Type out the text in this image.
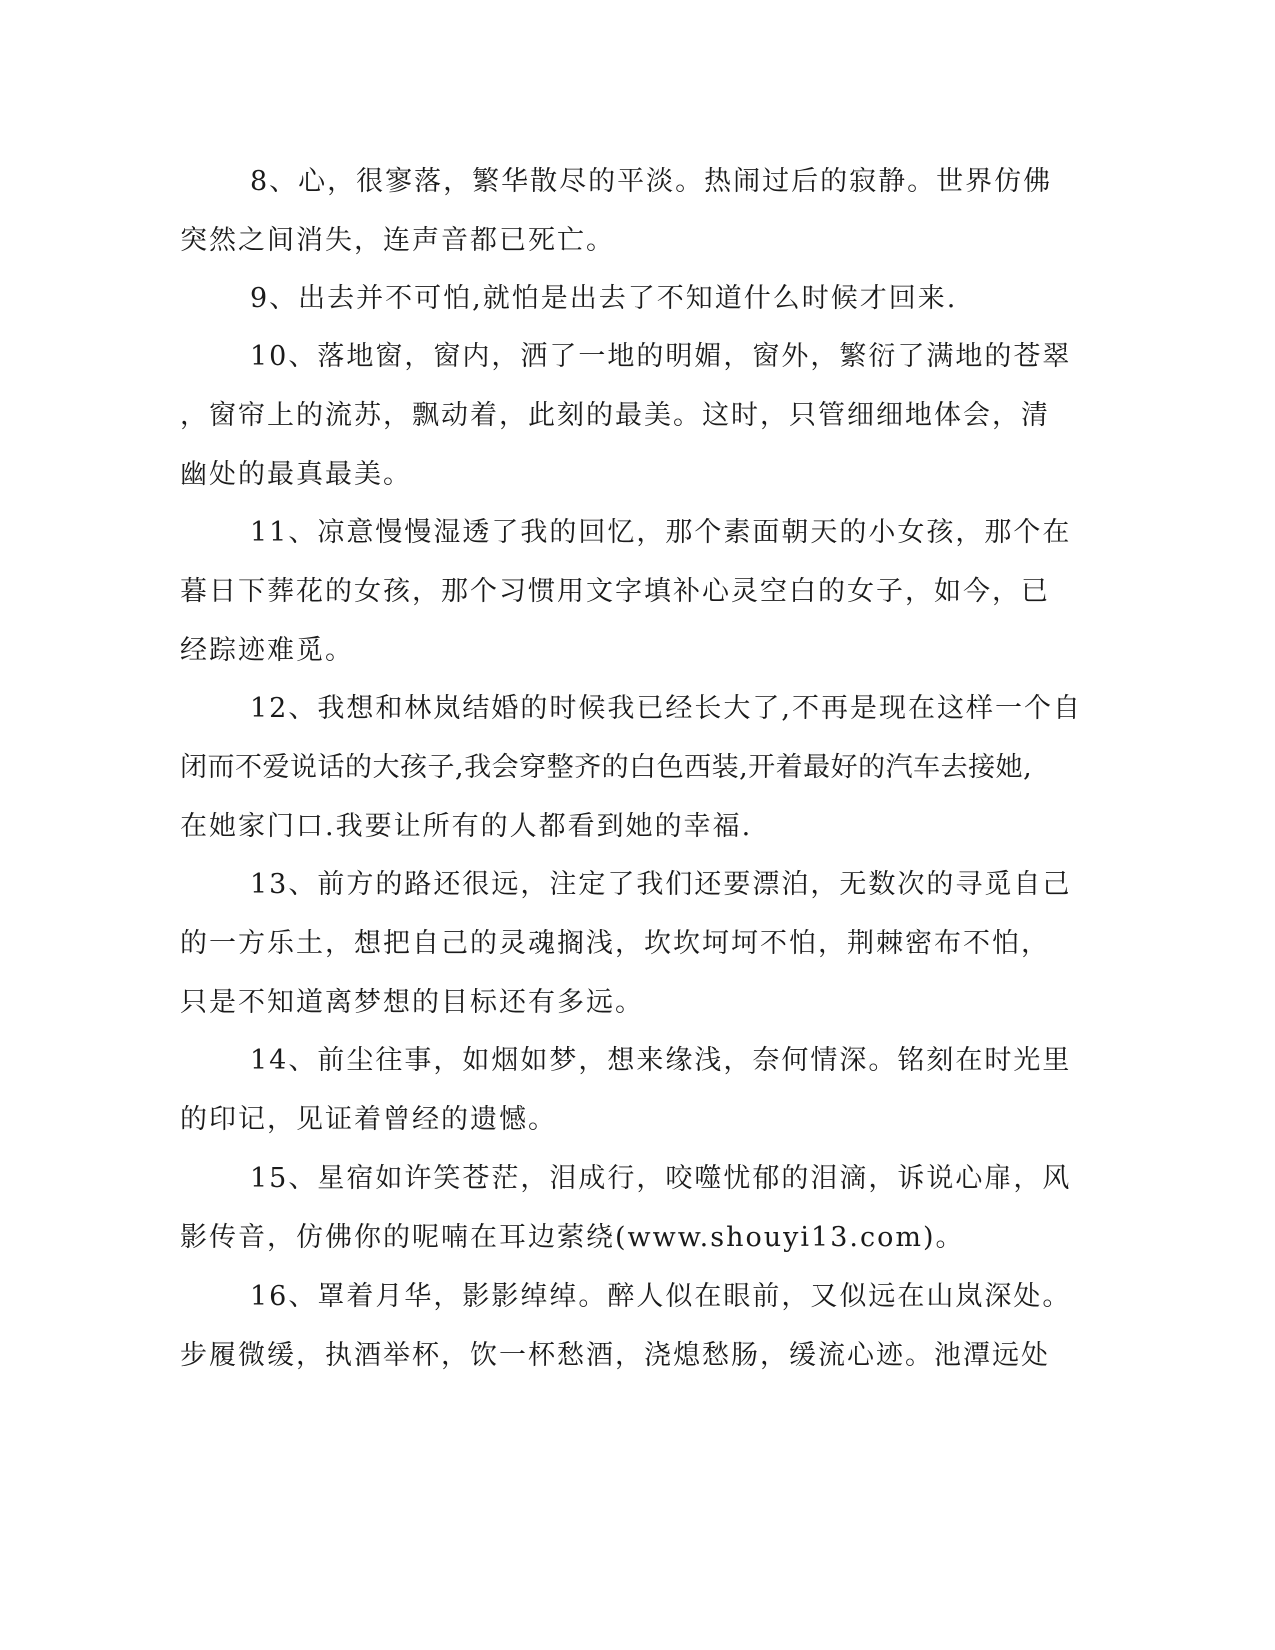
8、心，很寥落，繁华散尽的平淡。热闹过后的寂静。世界仿佛
突然之间消失，连声音都已死亡。
9、出去并不可怕,就怕是出去了不知道什么时候才回来.
10、落地窗，窗内，洒了一地的明媚，窗外，繁衍了满地的苍翠
，窗帘上的流苏，飘动着，此刻的最美。这时，只管细细地体会，清
幽处的最真最美。
11、凉意慢慢湿透了我的回忆，那个素面朝天的小女孩，那个在
暮日下葬花的女孩，那个习惯用文字填补心灵空白的女子，如今，已
经踪迹难觅。
12、我想和林岚结婚的时候我已经长大了,不再是现在这样一个自
闭而不爱说话的大孩子,我会穿整齐的白色西装,开着最好的汽车去接她,
在她家门口.我要让所有的人都看到她的幸福.
13、前方的路还很远，注定了我们还要漂泊，无数次的寻觅自己
的一方乐土，想把自己的灵魂搁浅，坎坎坷坷不怕，荆棘密布不怕，
只是不知道离梦想的目标还有多远。
14、前尘往事，如烟如梦，想来缘浅，奈何情深。铭刻在时光里
的印记，见证着曾经的遗憾。
15、星宿如许笑苍茫，泪成行，咬噬忧郁的泪滴，诉说心扉，风
影传音，仿佛你的呢喃在耳边萦绕(www.shouyi13.com)。
16、罩着月华，影影绰绰。醉人似在眼前，又似远在山岚深处。
步履微缓，执酒举杯，饮一杯愁酒，浇熄愁肠，缓流心迹。池潭远处
